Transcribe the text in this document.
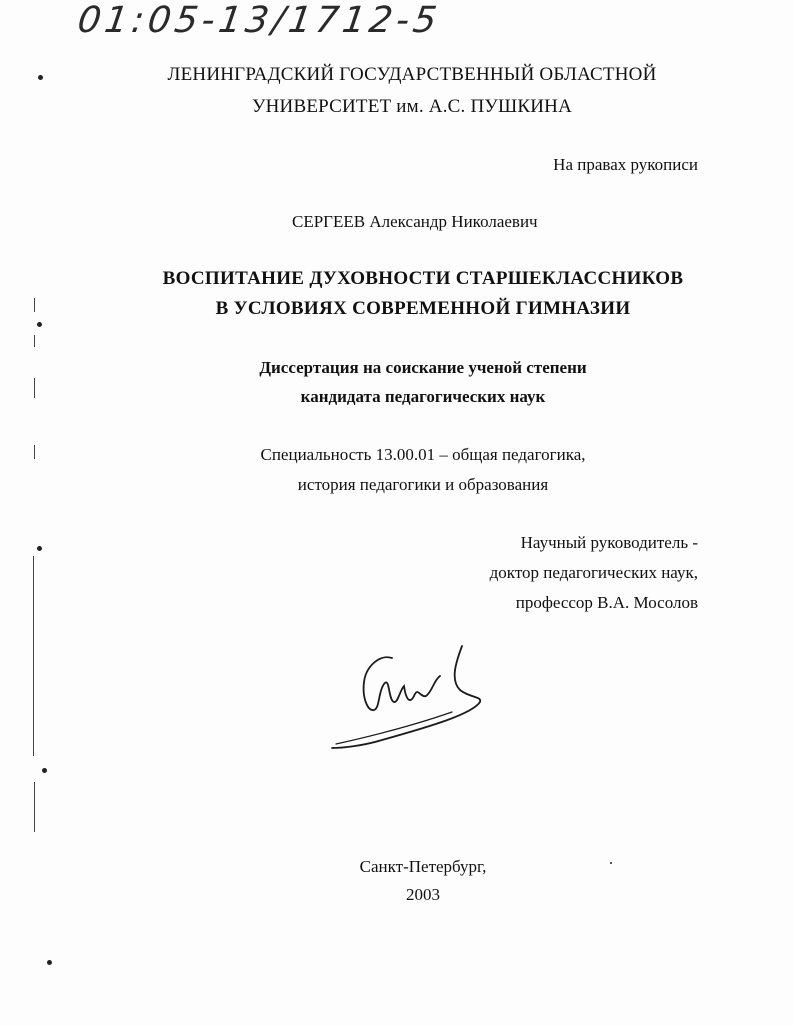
01:05-13/1712-5
ЛЕНИНГРАДСКИЙ ГОСУДАРСТВЕННЫЙ ОБЛАСТНОЙ
УНИВЕРСИТЕТ им. А.С. ПУШКИНА
На правах рукописи
СЕРГЕЕВ Александр Николаевич
ВОСПИТАНИЕ ДУХОВНОСТИ СТАРШЕКЛАССНИКОВ
В УСЛОВИЯХ СОВРЕМЕННОЙ ГИМНАЗИИ
Диссертация на соискание ученой степени
кандидата педагогических наук
Специальность 13.00.01 – общая педагогика,
история педагогики и образования
Научный руководитель -
доктор педагогических наук,
профессор В.А. Мосолов
Санкт-Петербург,
2003
